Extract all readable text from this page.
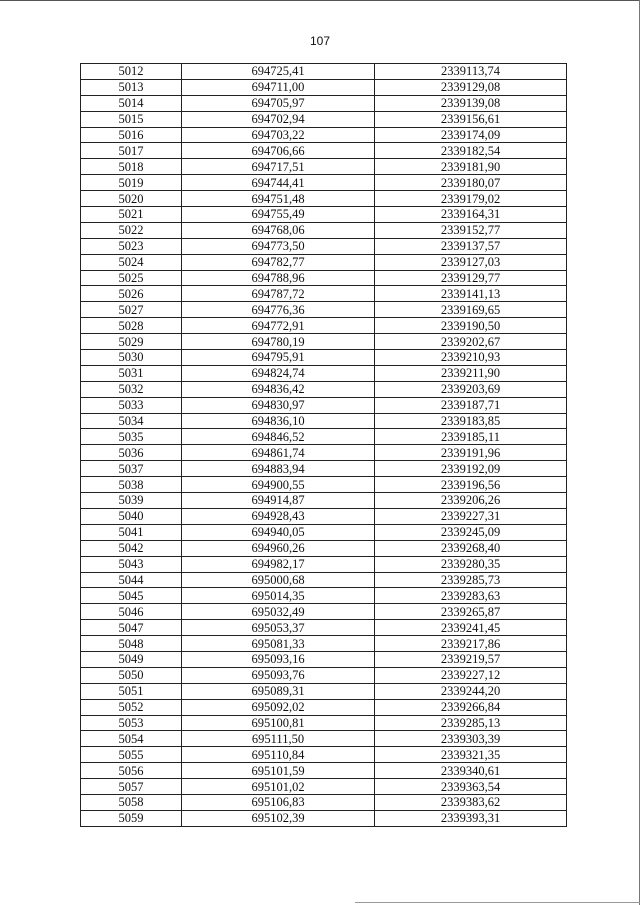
107
5012	694725,41	2339113,74
5013	694711,00	2339129,08
5014	694705,97	2339139,08
5015	694702,94	2339156,61
5016	694703,22	2339174,09
5017	694706,66	2339182,54
5018	694717,51	2339181,90
5019	694744,41	2339180,07
5020	694751,48	2339179,02
5021	694755,49	2339164,31
5022	694768,06	2339152,77
5023	694773,50	2339137,57
5024	694782,77	2339127,03
5025	694788,96	2339129,77
5026	694787,72	2339141,13
5027	694776,36	2339169,65
5028	694772,91	2339190,50
5029	694780,19	2339202,67
5030	694795,91	2339210,93
5031	694824,74	2339211,90
5032	694836,42	2339203,69
5033	694830,97	2339187,71
5034	694836,10	2339183,85
5035	694846,52	2339185,11
5036	694861,74	2339191,96
5037	694883,94	2339192,09
5038	694900,55	2339196,56
5039	694914,87	2339206,26
5040	694928,43	2339227,31
5041	694940,05	2339245,09
5042	694960,26	2339268,40
5043	694982,17	2339280,35
5044	695000,68	2339285,73
5045	695014,35	2339283,63
5046	695032,49	2339265,87
5047	695053,37	2339241,45
5048	695081,33	2339217,86
5049	695093,16	2339219,57
5050	695093,76	2339227,12
5051	695089,31	2339244,20
5052	695092,02	2339266,84
5053	695100,81	2339285,13
5054	695111,50	2339303,39
5055	695110,84	2339321,35
5056	695101,59	2339340,61
5057	695101,02	2339363,54
5058	695106,83	2339383,62
5059	695102,39	2339393,31
